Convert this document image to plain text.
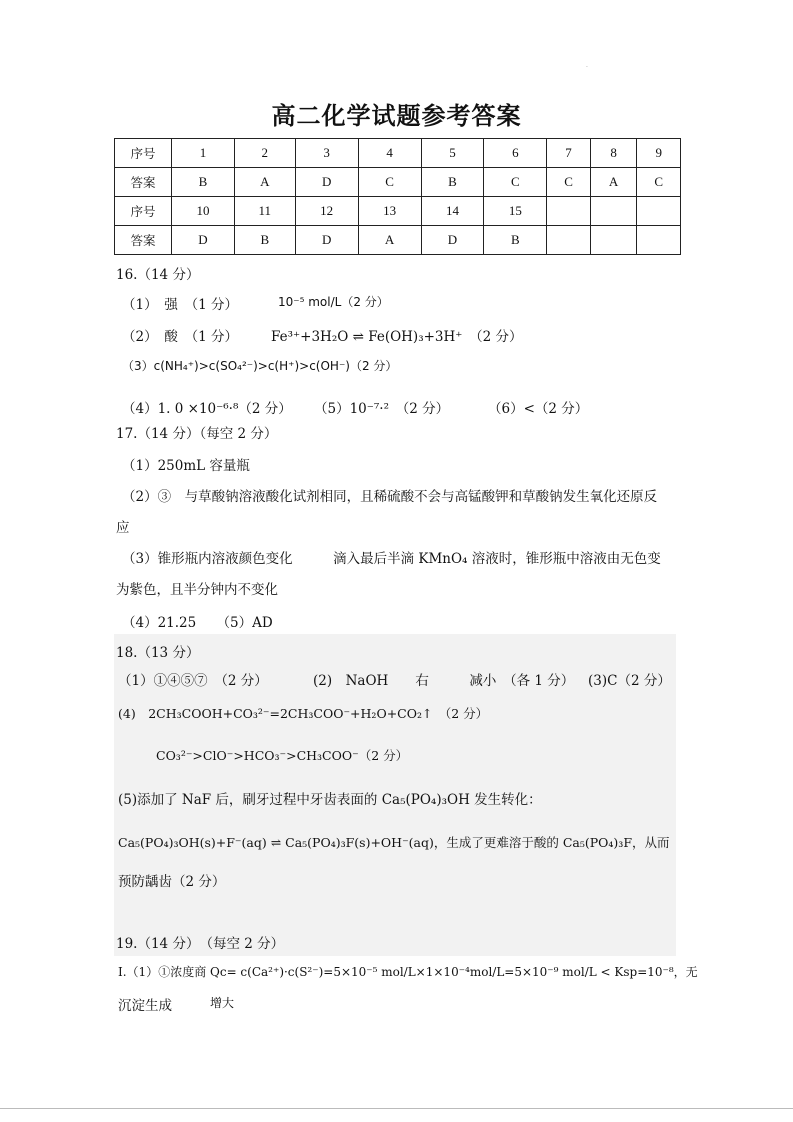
.
高二化学试题参考答案
序号	1	2	3	4	5	6	7	8	9
答案	B	A	D	C	B	C	C	A	C
序号	10	11	12	13	14	15			
答案	D	B	D	A	D	B			
16.（14 分）
（1）　强　（1 分）	10⁻⁵ mol/L（2 分）
（2）　酸　（1 分） Fe³⁺+3H₂O ⇌ Fe(OH)₃+3H⁺　（2 分）
（3）c(NH₄⁺)>c(SO₄²⁻)>c(H⁺)>c(OH⁻)（2 分）
（4）1. 0 ×10⁻⁶·⁸（2 分） （5）10⁻⁷·²　（2 分）	（6）<（2 分）
17.（14 分）（每空 2 分）
（1）250mL 容量瓶
（2）③　与草酸钠溶液酸化试剂相同，且稀硫酸不会与高锰酸钾和草酸钠发生氧化还原反
应
（3）锥形瓶内溶液颜色变化　　　滴入最后半滴 KMnO₄ 溶液时，锥形瓶中溶液由无色变
为紫色，且半分钟内不变化
（4）21.25　　（5）AD
18.（13 分）
（1）①④⑤⑦　（2 分）	(2)　NaOH　　右　　　减小　（各 1 分） (3)C（2 分）
(4)　2CH₃COOH+CO₃²⁻=2CH₃COO⁻+H₂O+CO₂↑　（2 分）
CO₃²⁻>ClO⁻>HCO₃⁻>CH₃COO⁻（2 分）
(5)添加了 NaF 后，刷牙过程中牙齿表面的 Ca₅(PO₄)₃OH 发生转化：
Ca₅(PO₄)₃OH(s)+F⁻(aq) ⇌ Ca₅(PO₄)₃F(s)+OH⁻(aq)，生成了更难溶于酸的 Ca₅(PO₄)₃F，从而
预防龋齿（2 分）
19.（14 分）　（每空 2 分）
Ⅰ.（1）①浓度商 Qc= c(Ca²⁺)·c(S²⁻)=5×10⁻⁵ mol/L×1×10⁻⁴mol/L=5×10⁻⁹ mol/L < Ksp=10⁻⁸，无
沉淀生成	增大
